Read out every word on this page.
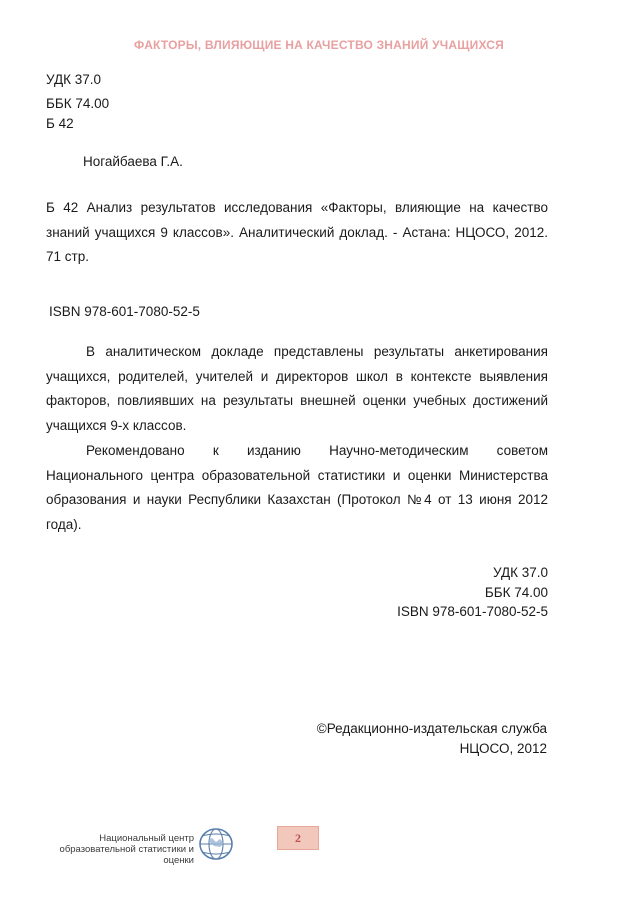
ФАКТОРЫ, ВЛИЯЮЩИЕ НА КАЧЕСТВО ЗНАНИЙ УЧАЩИХСЯ
УДК 37.0
ББК 74.00
Б 42
Ногайбаева Г.А.
Б 42 Анализ результатов исследования «Факторы, влияющие на качество знаний учащихся 9 классов». Аналитический доклад. - Астана: НЦОСО, 2012. 71 стр.
ISBN 978-601-7080-52-5
В аналитическом докладе представлены результаты анкетирования учащихся, родителей, учителей и директоров школ в контексте выявления факторов, повлиявших на результаты внешней оценки учебных достижений учащихся 9-х классов.
Рекомендовано к изданию Научно-методическим советом Национального центра образовательной статистики и оценки Министерства образования и науки Республики Казахстан (Протокол №4 от 13 июня 2012 года).
УДК 37.0
ББК 74.00
ISBN 978-601-7080-52-5
©Редакционно-издательская служба
НЦОСО, 2012
Национальный центр
образовательной статистики и оценки
2
